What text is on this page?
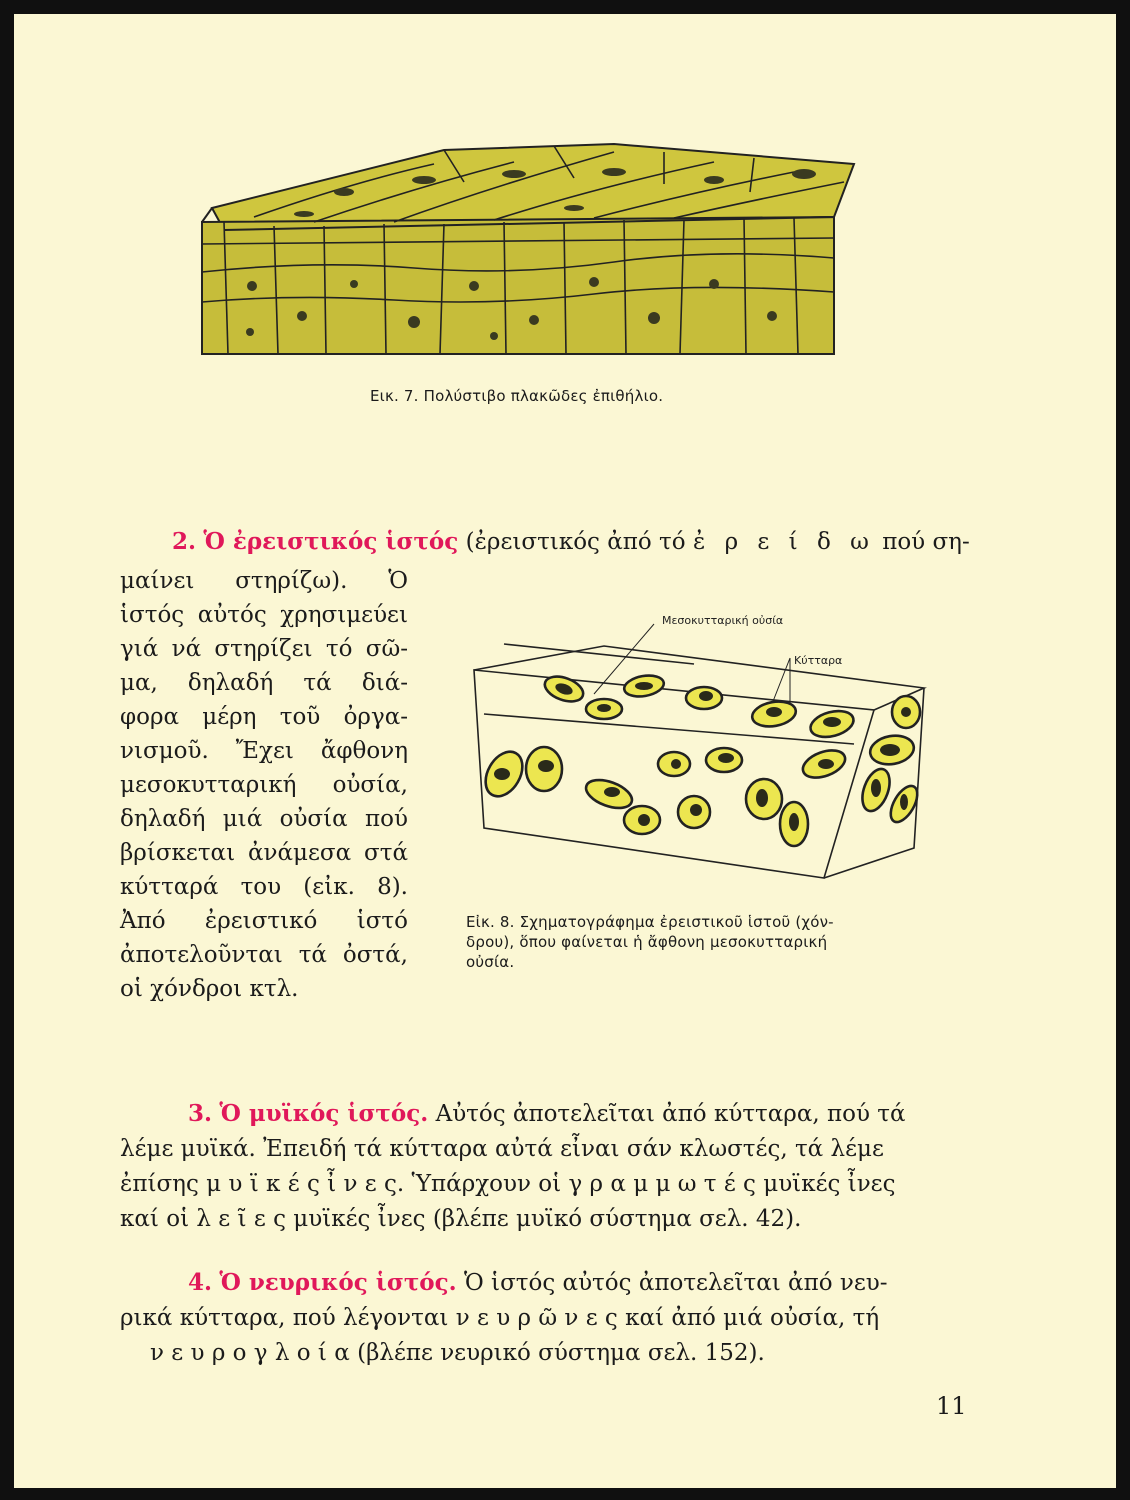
Εικ. 7. Πολύστιβο πλακῶδες ἐπιθήλιο.
2. Ὁ ἐρειστικός ἱστός (ἐρειστικός ἀπό τό ἐ ρ ε ί δ ω πού ση-
μαίνει στηρίζω). Ὁ
ἱστός αὐτός χρησιμεύει
γιά νά στηρίζει τό σῶ-
μα, δηλαδή τά διά-
φορα μέρη τοῦ ὀργα-
νισμοῦ. Ἔχει ἄφθονη
μεσοκυτταρική οὐσία,
δηλαδή μιά οὐσία πού
βρίσκεται ἀνάμεσα στά
κύτταρά του (εἰκ. 8).
Ἀπό ἐρειστικό ἱστό
ἀποτελοῦνται τά ὀστά,
οἱ χόνδροι κτλ.
Μεσοκυτταρική οὐσία
Κύτταρα
Εἰκ. 8. Σχηματογράφημα ἐρειστικοῦ ἱστοῦ (χόν-
δρου), ὅπου φαίνεται ἡ ἄφθονη μεσοκυτταρική
οὐσία.
3. Ὁ μυϊκός ἱστός. Αὐτός ἀποτελεῖται ἀπό κύτταρα, πού τά
λέμε μυϊκά. Ἐπειδή τά κύτταρα αὐτά εἶναι σάν κλωστές, τά λέμε
ἐπίσης μ υ ϊ κ έ ς ἶ ν ε ς. Ὑπάρχουν οἱ γ ρ α μ μ ω τ έ ς μυϊκές ἶνες
καί οἱ λ ε ῖ ε ς μυϊκές ἶνες (βλέπε μυϊκό σύστημα σελ. 42).
4. Ὁ νευρικός ἱστός. Ὁ ἱστός αὐτός ἀποτελεῖται ἀπό νευ-
ρικά κύτταρα, πού λέγονται ν ε υ ρ ῶ ν ε ς καί ἀπό μιά οὐσία, τή
ν ε υ ρ ο γ λ ο ί α (βλέπε νευρικό σύστημα σελ. 152).
11
